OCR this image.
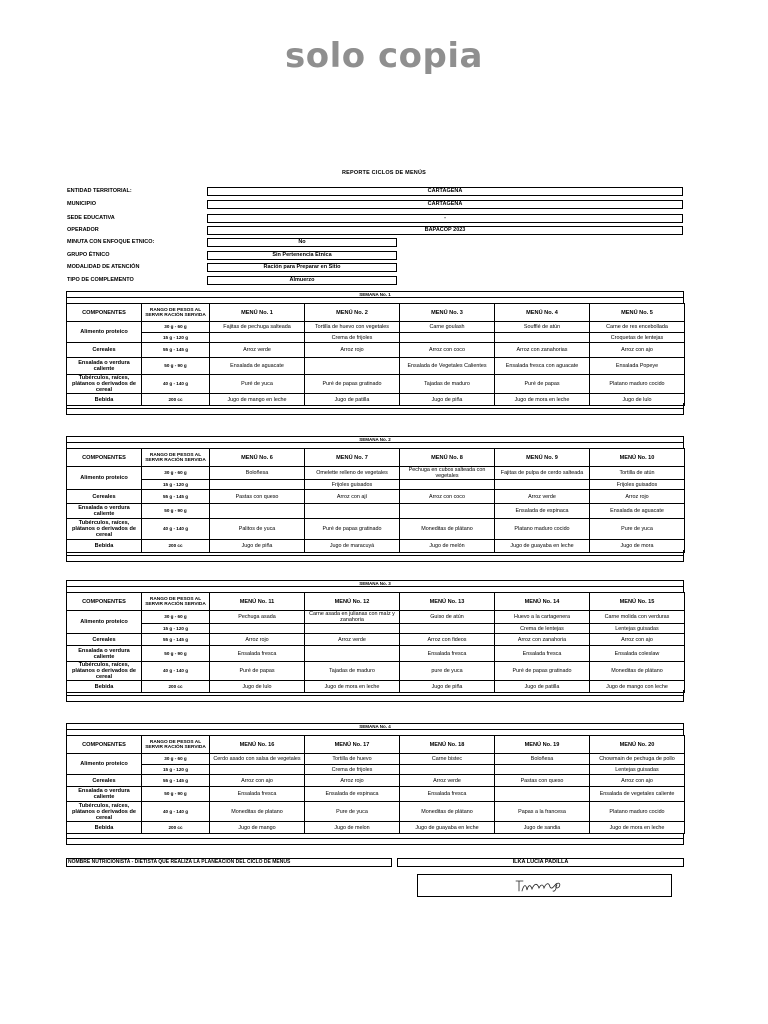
solo copia
REPORTE CICLOS DE MENÚS
ENTIDAD TERRITORIAL:	CARTAGENA
MUNICIPIO	CARTAGENA
SEDE EDUCATIVA	-
OPERADOR	BAPACOP 2023
MINUTA CON ENFOQUE ETNICO:	No
GRUPO ÉTNICO	Sin Pertenencia Étnica
MODALIDAD DE ATENCIÓN	Ración para Preparar en Sitio
TIPO DE COMPLEMENTO	Almuerzo
SEMANA No. 1
COMPONENTES	RANGO DE PESOS AL SERVIR RACIÓN SERVIDA	MENÚ No. 1	MENÚ No. 2	MENÚ No. 3	MENÚ No. 4	MENÚ No. 5
Alimento proteico	30 g - 60 g	Fajitas de pechuga salteada	Tortilla de huevo con vegetales	Carne goulash	Soufflé de atún	Carne de res encebollada
	15 g - 120 g		Crema de frijoles			Croquetas de lentejas
Cereales	55 g - 145 g	Arroz verde	Arroz rojo	Arroz con coco	Arroz con zanahorias	Arroz con ajo
Ensalada o verdura caliente	50 g - 90 g	Ensalada de aguacate		Ensalada de Vegetales Calientes	Ensalada fresca con aguacate	Ensalada Popeye
Tubérculos, raíces, plátanos o derivados de cereal	40 g - 140 g	Puré de yuca	Puré de papas gratinado	Tajadas de maduro	Puré de papas	Platano maduro cocido
Bebida	200 cc	Jugo de mango en leche	Jugo de patilla	Jugo de piña	Jugo de mora en leche	Jugo de lulo
SEMANA No. 2
COMPONENTES	RANGO DE PESOS AL SERVIR RACIÓN SERVIDA	MENÚ No. 6	MENÚ No. 7	MENÚ No. 8	MENÚ No. 9	MENÚ No. 10
Alimento proteico	30 g - 60 g	Boloñesa	Omelette relleno de vegetales	Pechuga en cubos salteada con vegetales	Fajitas de pulpa de cerdo salteada	Tortilla de atún
	15 g - 120 g		Frijoles guisados			Frijoles guisados
Cereales	55 g - 145 g	Pastas con queso	Arroz con ají	Arroz con coco	Arroz verde	Arroz rojo
Ensalada o verdura caliente	50 g - 90 g				Ensalada de espinaca	Ensalada de aguacate
Tubérculos, raíces, plátanos o derivados de cereal	40 g - 140 g	Palitos de yuca	Puré de papas gratinado	Moneditas de plátano	Platano maduro cocido	Pure de yuca
Bebida	200 cc	Jugo de piña	Jugo de maracuyá	Jugo de melón	Jugo de guayaba en leche	Jugo de mora
SEMANA No. 3
COMPONENTES	RANGO DE PESOS AL SERVIR RACIÓN SERVIDA	MENÚ No. 11	MENÚ No. 12	MENÚ No. 13	MENÚ No. 14	MENÚ No. 15
Alimento proteico	30 g - 60 g	Pechuga asada	Carne asada en julianas con maíz y zanahoria	Guiso de atún	Huevo a la cartagenera	Carne molida con verduras
	15 g - 120 g				Crema de lentejas	Lentejas guisadas
Cereales	55 g - 145 g	Arroz rojo	Arroz verde	Arroz con fideos	Arroz con zanahoria	Arroz con ajo
Ensalada o verdura caliente	50 g - 90 g	Ensalada fresca		Ensalada fresca	Ensalada fresca	Ensalada coleslaw
Tubérculos, raíces, plátanos o derivados de cereal	40 g - 140 g	Puré de papas	Tajadas de maduro	pure de yuca	Puré de papas gratinado	Moneditas de plátano
Bebida	200 cc	Jugo de lulo	Jugo de mora en leche	Jugo de piña	Jugo de patilla	Jugo de mango con leche
SEMANA No. 4
COMPONENTES	RANGO DE PESOS AL SERVIR RACIÓN SERVIDA	MENÚ No. 16	MENÚ No. 17	MENÚ No. 18	MENÚ No. 19	MENÚ No. 20
Alimento proteico	30 g - 60 g	Cerdo asado con salsa de vegetales	Tortilla de huevo	Carne bistec	Boloñesa	Chowmain de pechuga de pollo
	15 g - 120 g		Crema de frijoles			Lentejas guisadas
Cereales	55 g - 145 g	Arroz con ajo	Arroz rojo	Arroz verde	Pastas con queso	Arroz con ajo
Ensalada o verdura caliente	50 g - 90 g	Ensalada fresca	Ensalada de espinaca	Ensalada fresca		Ensalada de vegetales caliente
Tubérculos, raíces, plátanos o derivados de cereal	40 g - 140 g	Moneditas de platano	Pure de yuca	Moneditas de plátano	Papas a la francesa	Platano maduro cocido
Bebida	200 cc	Jugo de mango	Jugo de melon	Jugo de guayaba en leche	Jugo de sandia	Jugo de mora en leche
NOMBRE NUTRICIONISTA - DIETISTA QUE REALIZA LA PLANEACIÓN DEL CICLO DE MENÚS	ILKA LUCÍA PADILLA
